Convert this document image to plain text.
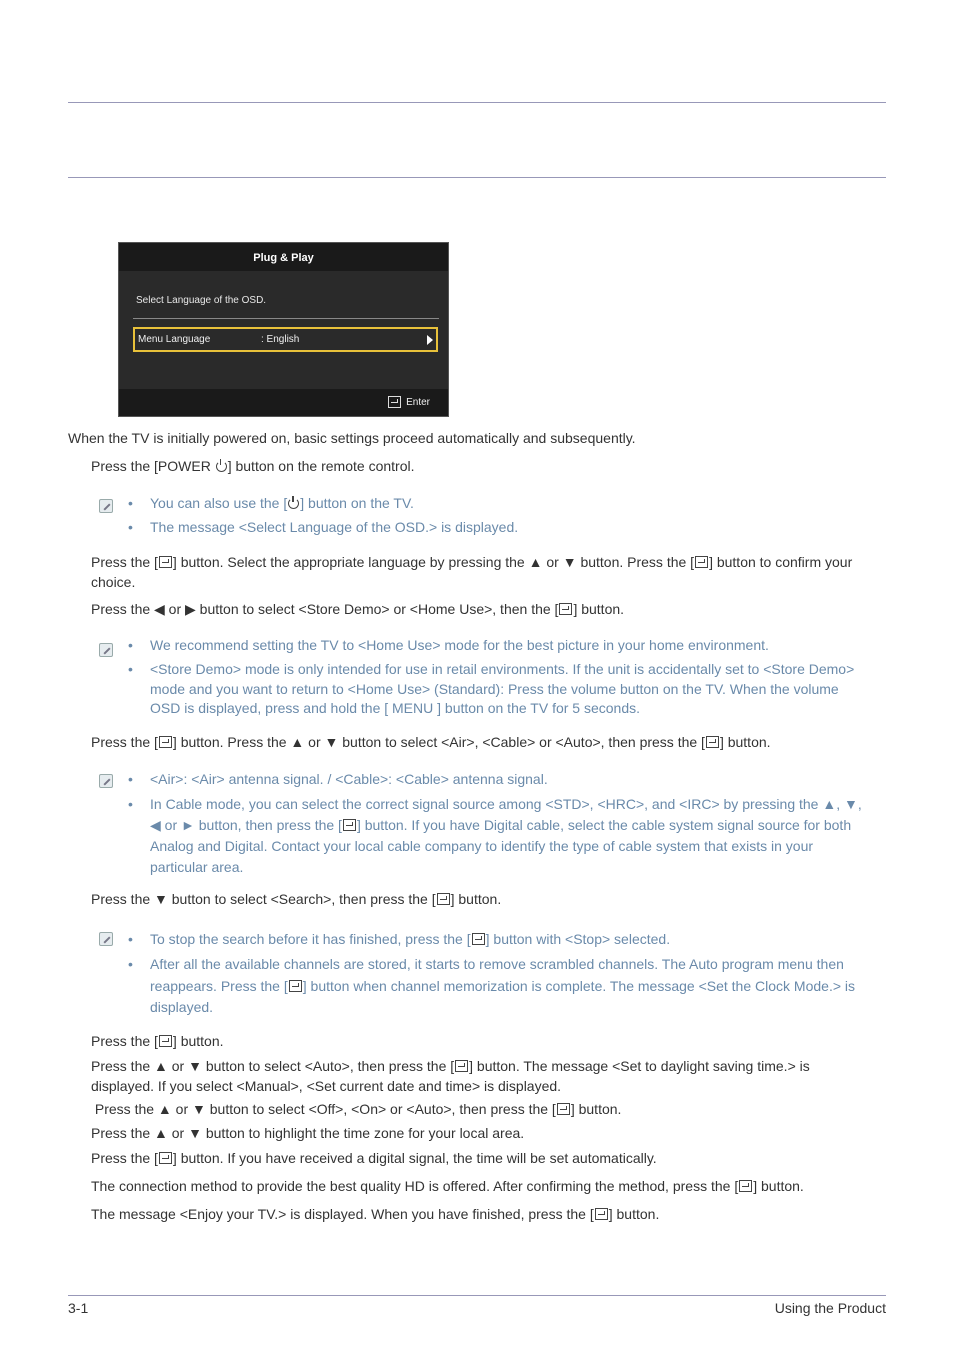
Plug & Play
Select Language of the OSD.
Menu Language	: English
Enter
When the TV is initially powered on, basic settings proceed automatically and subsequently.
Press the [POWER ] button on the remote control.
• You can also use the [ ] button on the TV.
• The message <Select Language of the OSD.> is displayed.
Press the [ ] button. Select the appropriate language by pressing the ▲ or ▼ button. Press the [ ] button to confirm your
choice.
Press the ◀ or ▶ button to select <Store Demo> or <Home Use>, then the [ ] button.
• We recommend setting the TV to <Home Use> mode for the best picture in your home environment.
• <Store Demo> mode is only intended for use in retail environments. If the unit is accidentally set to <Store Demo>
mode and you want to return to <Home Use> (Standard): Press the volume button on the TV. When the volume
OSD is displayed, press and hold the [ MENU ] button on the TV for 5 seconds.
Press the [ ] button. Press the ▲ or ▼ button to select <Air>, <Cable> or <Auto>, then press the [ ] button.
• <Air>: <Air> antenna signal. / <Cable>: <Cable> antenna signal.
• In Cable mode, you can select the correct signal source among <STD>, <HRC>, and <IRC> by pressing the ▲, ▼,
◀ or ► button, then press the [ ] button. If you have Digital cable, select the cable system signal source for both
Analog and Digital. Contact your local cable company to identify the type of cable system that exists in your
particular area.
Press the ▼ button to select <Search>, then press the [ ] button.
• To stop the search before it has finished, press the [ ] button with <Stop> selected.
• After all the available channels are stored, it starts to remove scrambled channels. The Auto program menu then
reappears. Press the [ ] button when channel memorization is complete. The message <Set the Clock Mode.> is
displayed.
Press the [ ] button.
Press the ▲ or ▼ button to select <Auto>, then press the [ ] button. The message <Set to daylight saving time.> is
displayed. If you select <Manual>, <Set current date and time> is displayed.
Press the ▲ or ▼ button to select <Off>, <On> or <Auto>, then press the [ ] button.
Press the ▲ or ▼ button to highlight the time zone for your local area.
Press the [ ] button. If you have received a digital signal, the time will be set automatically.
The connection method to provide the best quality HD is offered. After confirming the method, press the [ ] button.
The message <Enjoy your TV.> is displayed. When you have finished, press the [ ] button.
3-1	Using the Product
